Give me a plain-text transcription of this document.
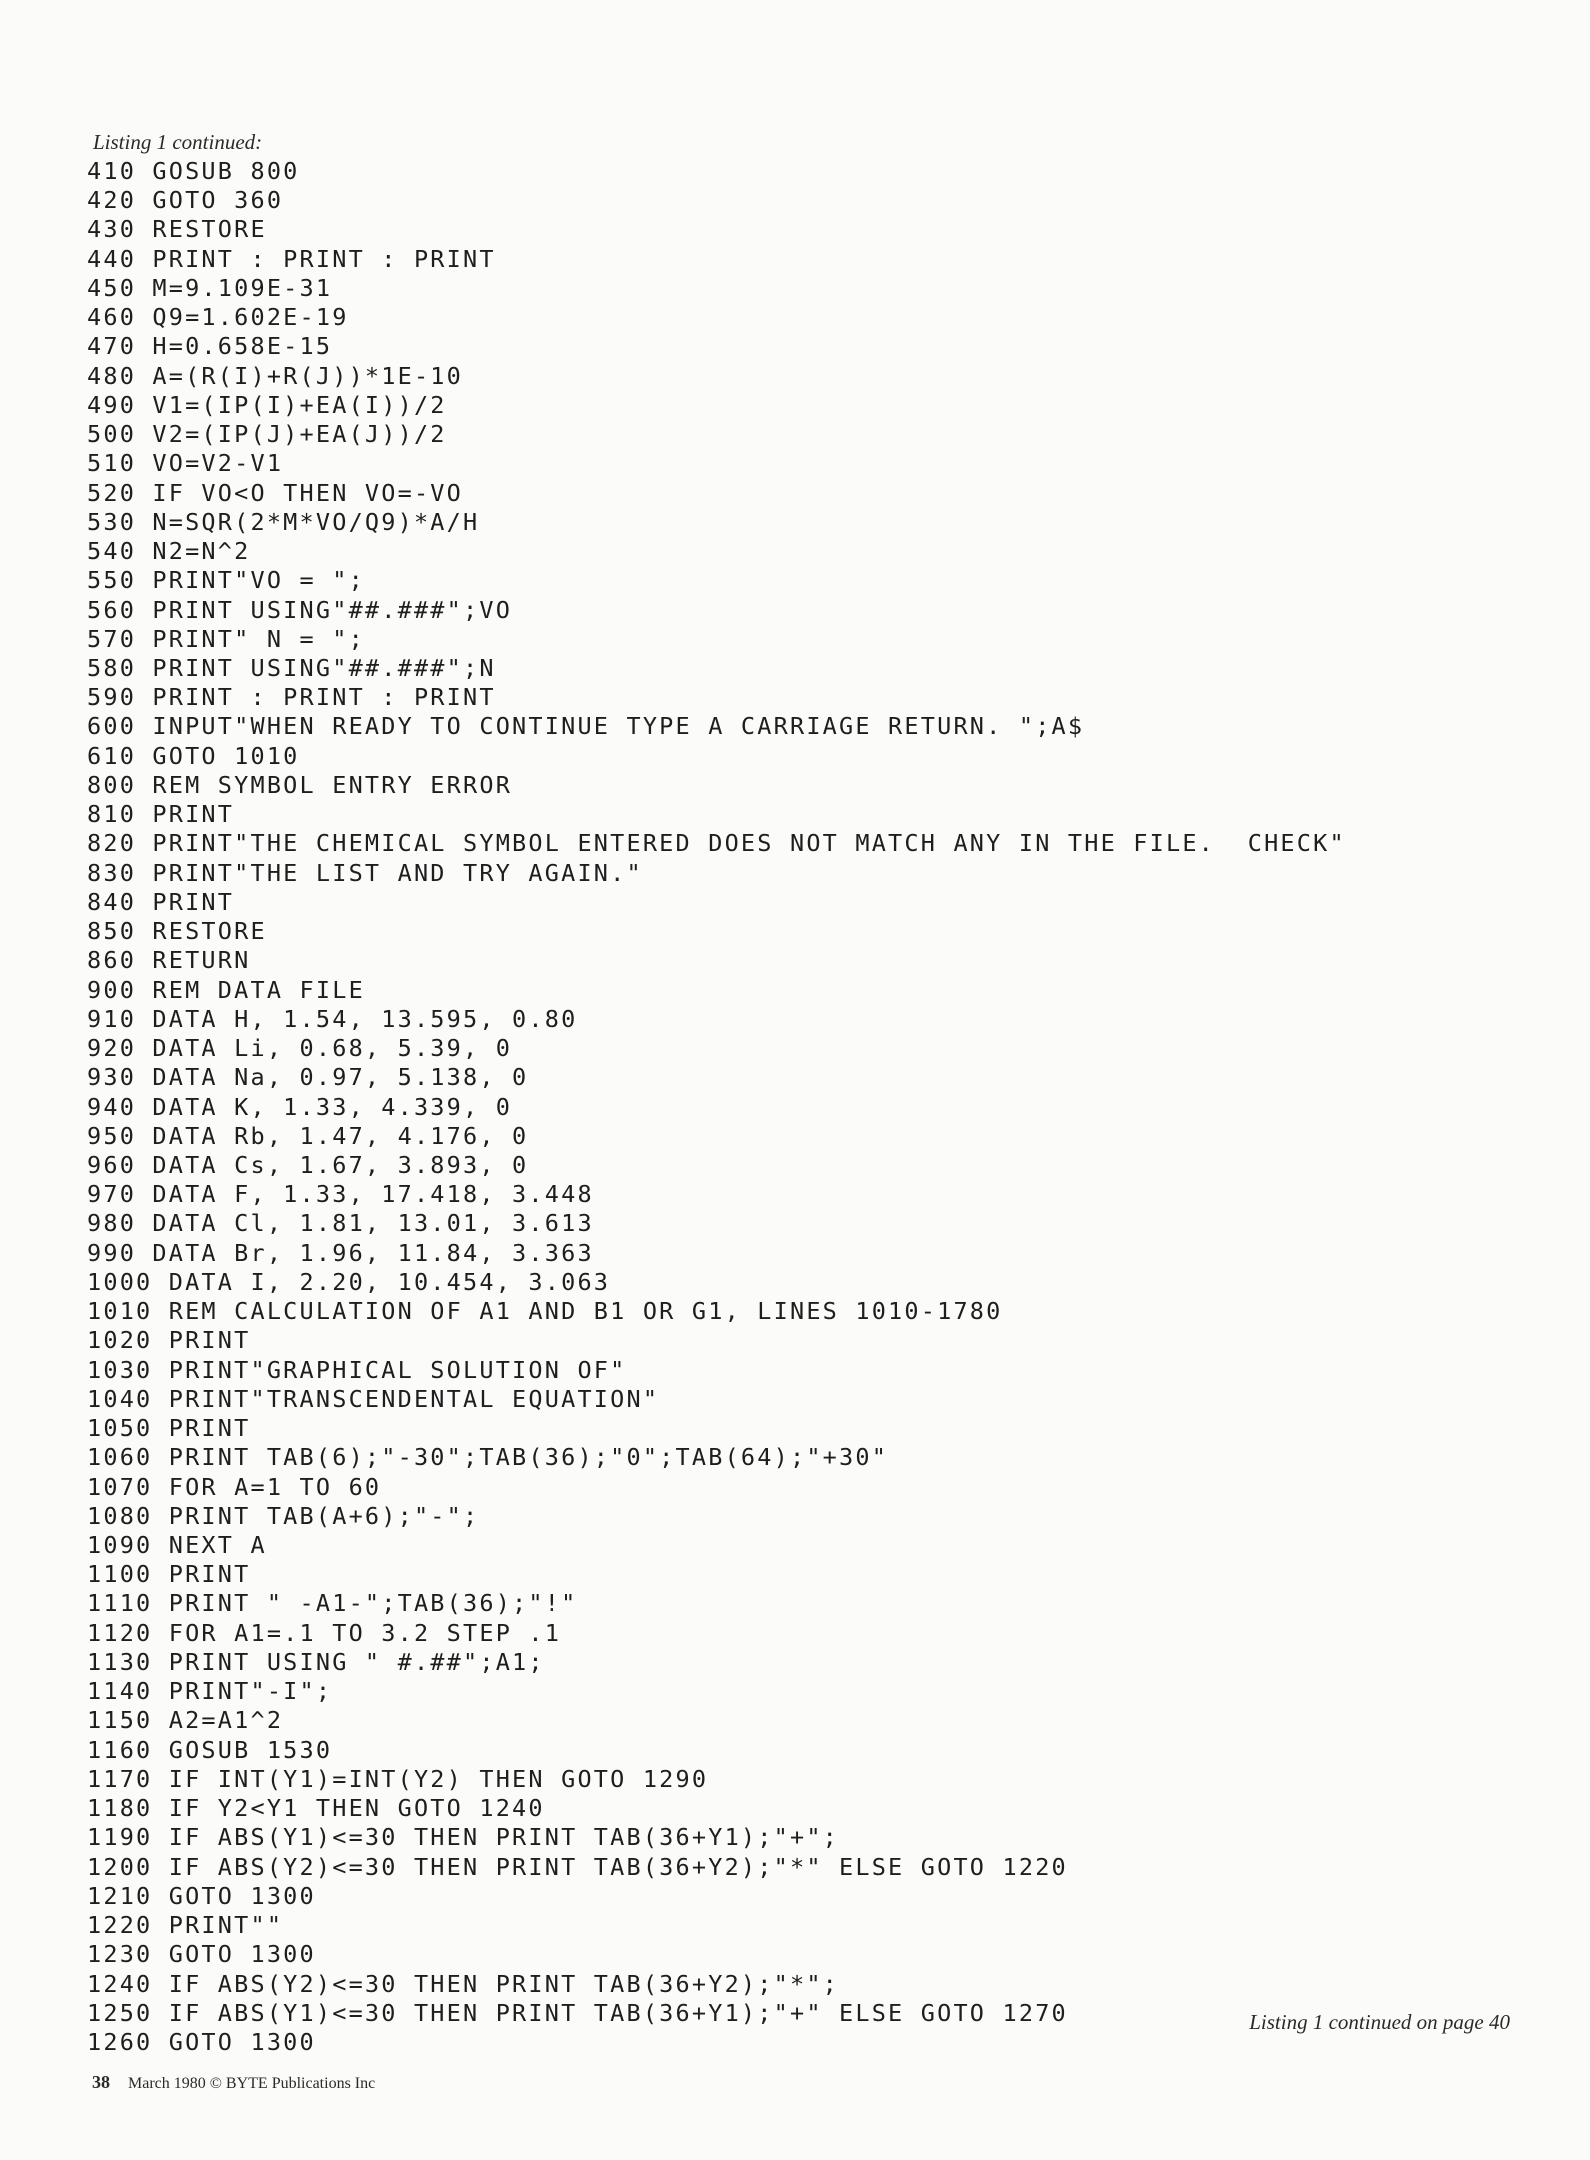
Listing 1 continued:
410 GOSUB 800
420 GOTO 360
430 RESTORE
440 PRINT : PRINT : PRINT
450 M=9.109E-31
460 Q9=1.602E-19
470 H=0.658E-15
480 A=(R(I)+R(J))*1E-10
490 V1=(IP(I)+EA(I))/2
500 V2=(IP(J)+EA(J))/2
510 VO=V2-V1
520 IF VO<O THEN VO=-VO
530 N=SQR(2*M*VO/Q9)*A/H
540 N2=N^2
550 PRINT"VO = ";
560 PRINT USING"##.###";VO
570 PRINT" N = ";
580 PRINT USING"##.###";N
590 PRINT : PRINT : PRINT
600 INPUT"WHEN READY TO CONTINUE TYPE A CARRIAGE RETURN. ";A$
610 GOTO 1010
800 REM SYMBOL ENTRY ERROR
810 PRINT
820 PRINT"THE CHEMICAL SYMBOL ENTERED DOES NOT MATCH ANY IN THE FILE.  CHECK"
830 PRINT"THE LIST AND TRY AGAIN."
840 PRINT
850 RESTORE
860 RETURN
900 REM DATA FILE
910 DATA H, 1.54, 13.595, 0.80
920 DATA Li, 0.68, 5.39, 0
930 DATA Na, 0.97, 5.138, 0
940 DATA K, 1.33, 4.339, 0
950 DATA Rb, 1.47, 4.176, 0
960 DATA Cs, 1.67, 3.893, 0
970 DATA F, 1.33, 17.418, 3.448
980 DATA Cl, 1.81, 13.01, 3.613
990 DATA Br, 1.96, 11.84, 3.363
1000 DATA I, 2.20, 10.454, 3.063
1010 REM CALCULATION OF A1 AND B1 OR G1, LINES 1010-1780
1020 PRINT
1030 PRINT"GRAPHICAL SOLUTION OF"
1040 PRINT"TRANSCENDENTAL EQUATION"
1050 PRINT
1060 PRINT TAB(6);"-30";TAB(36);"0";TAB(64);"+30"
1070 FOR A=1 TO 60
1080 PRINT TAB(A+6);"-";
1090 NEXT A
1100 PRINT
1110 PRINT " -A1-";TAB(36);"!"
1120 FOR A1=.1 TO 3.2 STEP .1
1130 PRINT USING " #.##";A1;
1140 PRINT"-I";
1150 A2=A1^2
1160 GOSUB 1530
1170 IF INT(Y1)=INT(Y2) THEN GOTO 1290
1180 IF Y2<Y1 THEN GOTO 1240
1190 IF ABS(Y1)<=30 THEN PRINT TAB(36+Y1);"+";
1200 IF ABS(Y2)<=30 THEN PRINT TAB(36+Y2);"*" ELSE GOTO 1220
1210 GOTO 1300
1220 PRINT""
1230 GOTO 1300
1240 IF ABS(Y2)<=30 THEN PRINT TAB(36+Y2);"*";
1250 IF ABS(Y1)<=30 THEN PRINT TAB(36+Y1);"+" ELSE GOTO 1270
1260 GOTO 1300
Listing 1 continued on page 40
38 March 1980 © BYTE Publications Inc
